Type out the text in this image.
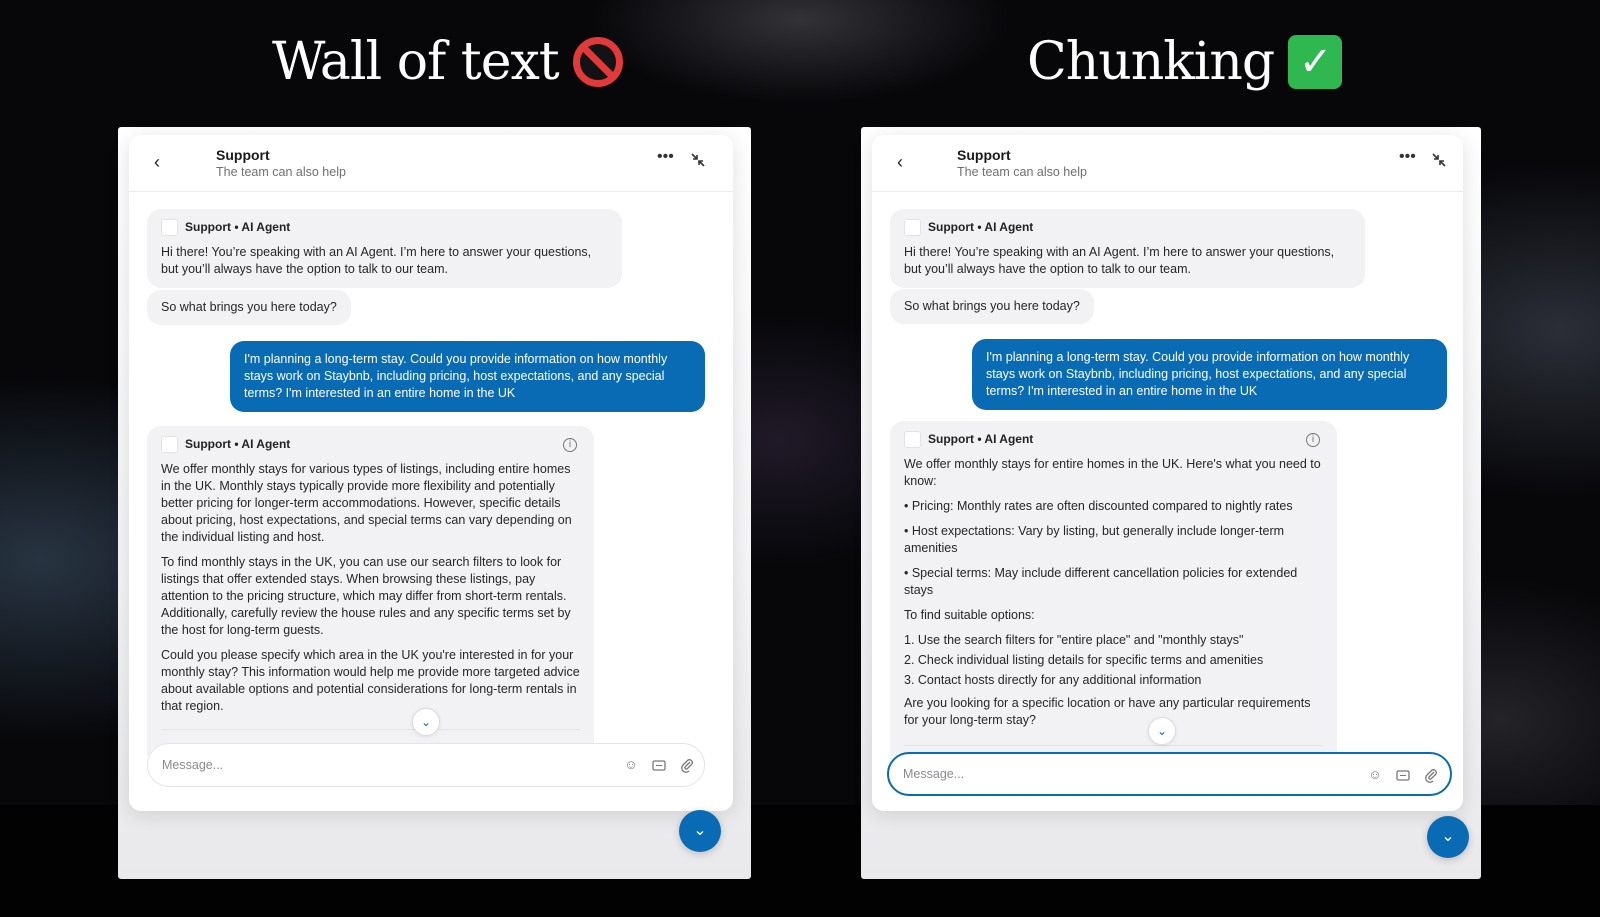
Wall of text	Chunking ✓
‹	Support
The team can also help
•••
Support • AI Agent

Hi there! You’re speaking with an AI Agent. I’m here to answer your questions, but you’ll always have the option to talk to our team.

So what brings you here today?
I'm planning a long-term stay. Could you provide information on how monthly stays work on Staybnb, including pricing, host expectations, and any special terms? I'm interested in an entire home in the UK
Support • AI Agent	i

We offer monthly stays for various types of listings, including entire homes in the UK. Monthly stays typically provide more flexibility and potentially better pricing for longer-term accommodations. However, specific details about pricing, host expectations, and special terms can vary depending on the individual listing and host.

To find monthly stays in the UK, you can use our search filters to look for listings that offer extended stays. When browsing these listings, pay attention to the pricing structure, which may differ from short-term rentals. Additionally, carefully review the house rules and any specific terms set by the host for long-term guests.

Could you please specify which area in the UK you're interested in for your monthly stay? This information would help me provide more targeted advice about available options and potential considerations for long-term rentals in that region.

⌄
Message...
☺
⌄
‹	Support
The team can also help
•••
Support • AI Agent

Hi there! You’re speaking with an AI Agent. I’m here to answer your questions, but you’ll always have the option to talk to our team.

So what brings you here today?
I'm planning a long-term stay. Could you provide information on how monthly stays work on Staybnb, including pricing, host expectations, and any special terms? I'm interested in an entire home in the UK
Support • AI Agent	i

We offer monthly stays for entire homes in the UK. Here's what you need to know:

• Pricing: Monthly rates are often discounted compared to nightly rates
• Host expectations: Vary by listing, but generally include longer-term amenities
• Special terms: May include different cancellation policies for extended stays

To find suitable options:

1. Use the search filters for "entire place" and "monthly stays"
2. Check individual listing details for specific terms and amenities
3. Contact hosts directly for any additional information

Are you looking for a specific location or have any particular requirements for your long-term stay?

⌄
Message...
☺
⌄
